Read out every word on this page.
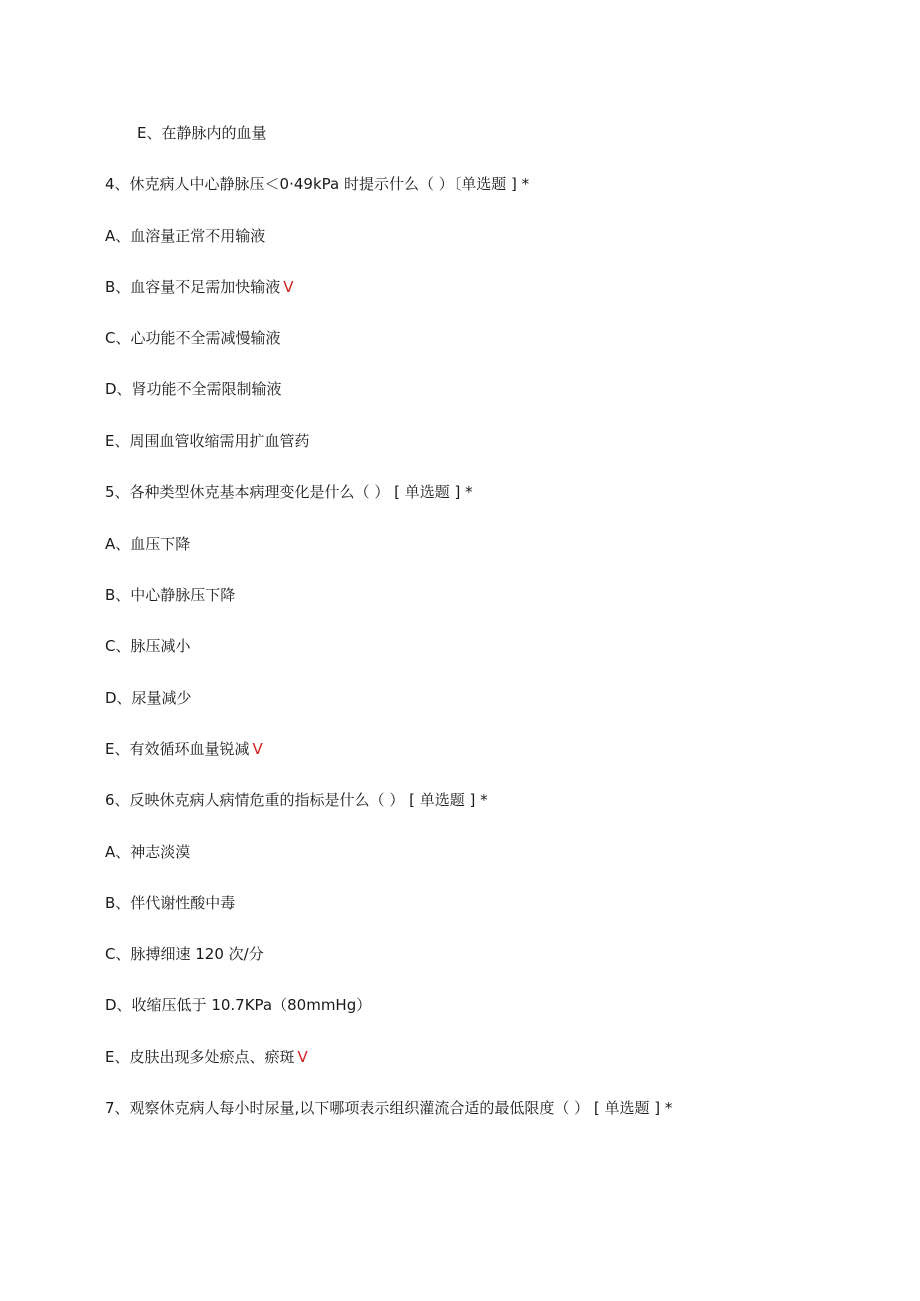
E、在静脉内的血量
4、休克病人中心静脉压＜0·49kPa 时提示什么（ ）〔单选题 ] *
A、血溶量正常不用输液
B、血容量不足需加快输液 V
C、心功能不全需减慢输液
D、肾功能不全需限制输液
E、周围血管收缩需用扩血管药
5、各种类型休克基本病理变化是什么（ ） [ 单选题 ] *
A、血压下降
B、中心静脉压下降
C、脉压减小
D、尿量减少
E、有效循环血量锐减 V
6、反映休克病人病情危重的指标是什么（ ） [ 单选题 ] *
A、神志淡漠
B、伴代谢性酸中毒
C、脉搏细速 120 次/分
D、收缩压低于 10.7KPa（80mmHg）
E、皮肤出现多处瘀点、瘀斑 V
7、观察休克病人每小时尿量,以下哪项表示组织灌流合适的最低限度（ ） [ 单选题 ] *
